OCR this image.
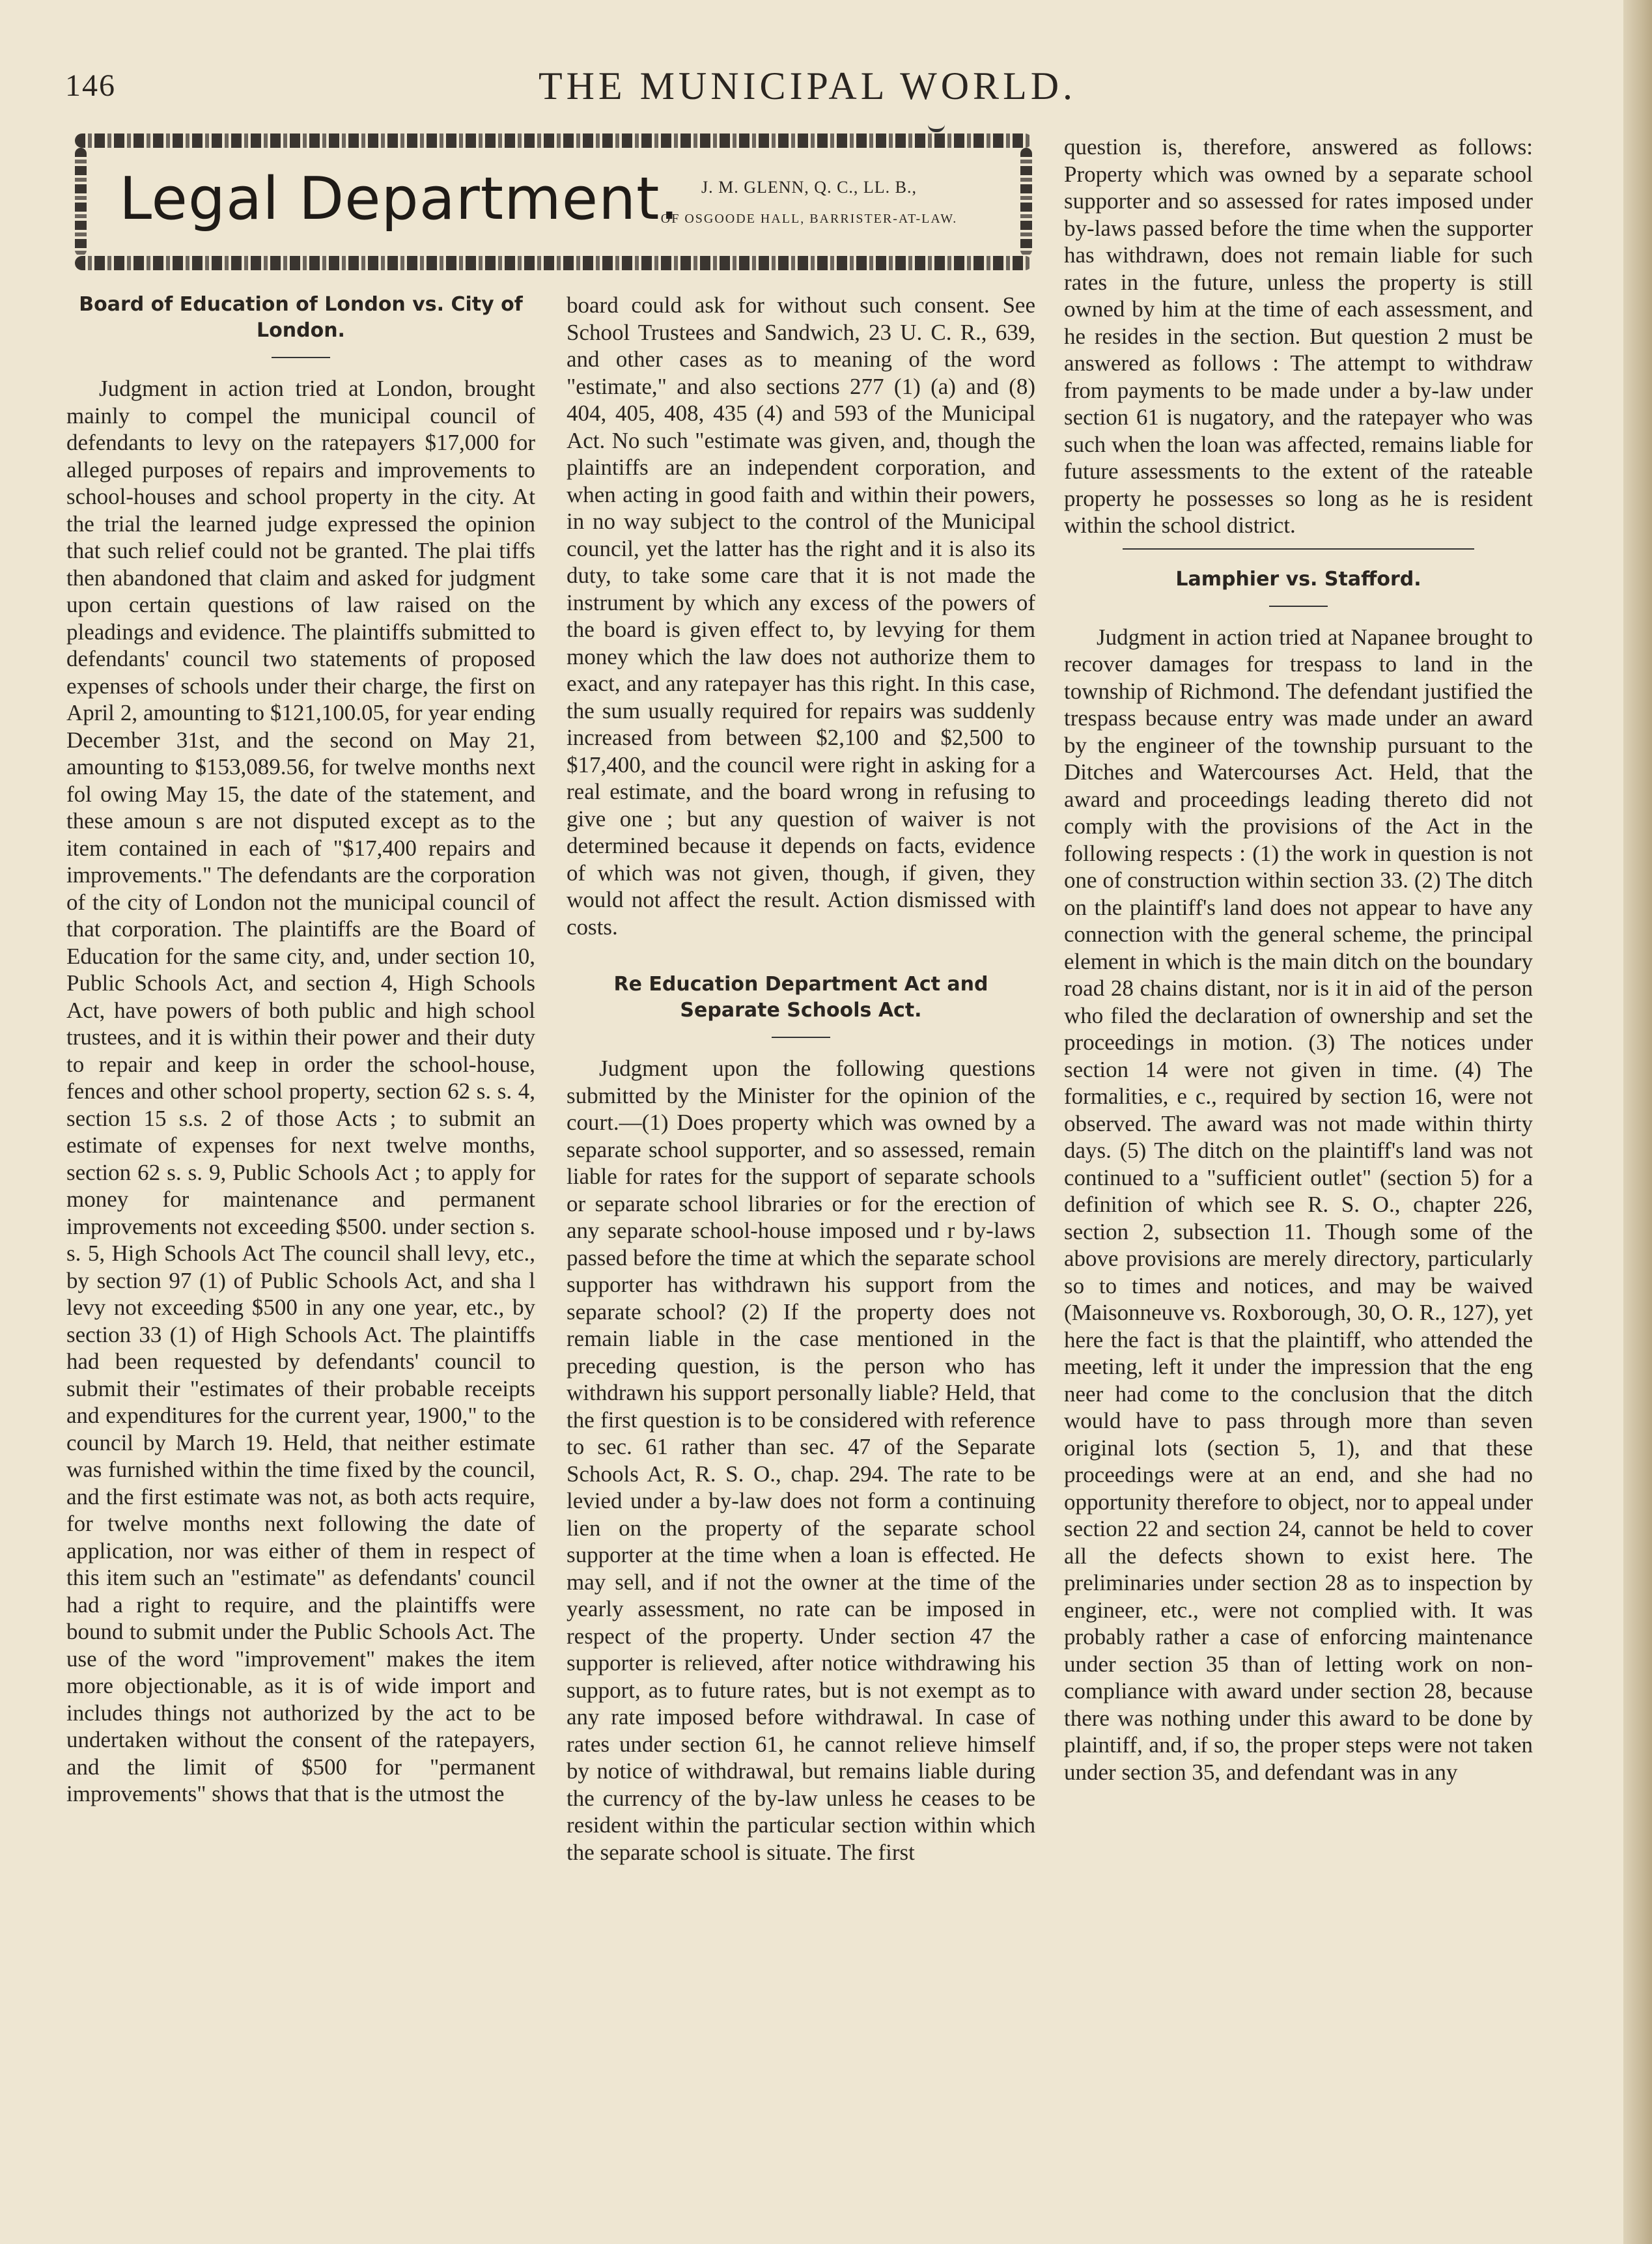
146	THE MUNICIPAL WORLD.
Legal Department.	J. M. GLENN, Q. C., LL. B.,
OF OSGOODE HALL, BARRISTER-AT-LAW.
Board of Education of London vs. City of London.

Judgment in action tried at London, brought mainly to compel the municipal council of defendants to levy on the ratepayers $17,000 for alleged purposes of repairs and improvements to school-houses and school property in the city. At the trial the learned judge expressed the opinion that such relief could not be granted. The plai tiffs then abandoned that claim and asked for judgment upon certain questions of law raised on the pleadings and evidence. The plaintiffs submitted to defendants' council two statements of proposed expenses of schools under their charge, the first on April 2, amounting to $121,100.05, for year ending December 31st, and the second on May 21, amounting to $153,089.56, for twelve months next fol owing May 15, the date of the statement, and these amoun s are not disputed except as to the item contained in each of "$17,400 repairs and improvements." The defendants are the corporation of the city of London not the municipal council of that corporation. The plaintiffs are the Board of Education for the same city, and, under section 10, Public Schools Act, and section 4, High Schools Act, have powers of both public and high school trustees, and it is within their power and their duty to repair and keep in order the school-house, fences and other school property, section 62 s. s. 4, section 15 s.s. 2 of those Acts ; to submit an estimate of expenses for next twelve months, section 62 s. s. 9, Public Schools Act ; to apply for money for maintenance and permanent improvements not exceeding $500. under section s. s. 5, High Schools Act The council shall levy, etc., by section 97 (1) of Public Schools Act, and sha l levy not exceeding $500 in any one year, etc., by section 33 (1) of High Schools Act. The plaintiffs had been requested by defendants' council to submit their "estimates of their probable receipts and expenditures for the current year, 1900," to the council by March 19. Held, that neither estimate was furnished within the time fixed by the council, and the first estimate was not, as both acts require, for twelve months next following the date of application, nor was either of them in respect of this item such an "estimate" as defendants' council had a right to require, and the plaintiffs were bound to submit under the Public Schools Act. The use of the word "improvement" makes the item more objectionable, as it is of wide import and includes things not authorized by the act to be undertaken without the consent of the ratepayers, and the limit of $500 for "permanent improvements" shows that that is the utmost the

board could ask for without such consent. See School Trustees and Sandwich, 23 U. C. R., 639, and other cases as to meaning of the word "estimate," and also sections 277 (1) (a) and (8) 404, 405, 408, 435 (4) and 593 of the Municipal Act. No such "estimate was given, and, though the plaintiffs are an independent corporation, and when acting in good faith and within their powers, in no way subject to the control of the Municipal council, yet the latter has the right and it is also its duty, to take some care that it is not made the instrument by which any excess of the powers of the board is given effect to, by levying for them money which the law does not authorize them to exact, and any ratepayer has this right. In this case, the sum usually required for repairs was suddenly increased from between $2,100 and $2,500 to $17,400, and the council were right in asking for a real estimate, and the board wrong in refusing to give one ; but any question of waiver is not determined because it depends on facts, evidence of which was not given, though, if given, they would not affect the result. Action dismissed with costs.

Re Education Department Act and Separate Schools Act.

Judgment upon the following questions submitted by the Minister for the opinion of the court.—(1) Does property which was owned by a separate school supporter, and so assessed, remain liable for rates for the support of separate schools or separate school libraries or for the erection of any separate school-house imposed und r by-laws passed before the time at which the separate school supporter has withdrawn his support from the separate school? (2) If the property does not remain liable in the case mentioned in the preceding question, is the person who has withdrawn his support personally liable? Held, that the first question is to be considered with reference to sec. 61 rather than sec. 47 of the Separate Schools Act, R. S. O., chap. 294. The rate to be levied under a by-law does not form a continuing lien on the property of the separate school supporter at the time when a loan is effected. He may sell, and if not the owner at the time of the yearly assessment, no rate can be imposed in respect of the property. Under section 47 the supporter is relieved, after notice withdrawing his support, as to future rates, but is not exempt as to any rate imposed before withdrawal. In case of rates under section 61, he cannot relieve himself by notice of withdrawal, but remains liable during the currency of the by-law unless he ceases to be resident within the particular section within which the separate school is situate. The first

question is, therefore, answered as follows: Property which was owned by a separate school supporter and so assessed for rates imposed under by-laws passed before the time when the supporter has withdrawn, does not remain liable for such rates in the future, unless the property is still owned by him at the time of each assessment, and he resides in the section. But question 2 must be answered as follows : The attempt to withdraw from payments to be made under a by-law under section 61 is nugatory, and the ratepayer who was such when the loan was affected, remains liable for future assessments to the extent of the rateable property he possesses so long as he is resident within the school district.

Lamphier vs. Stafford.

Judgment in action tried at Napanee brought to recover damages for trespass to land in the township of Richmond. The defendant justified the trespass because entry was made under an award by the engineer of the township pursuant to the Ditches and Watercourses Act. Held, that the award and proceedings leading thereto did not comply with the provisions of the Act in the following respects : (1) the work in question is not one of construction within section 33. (2) The ditch on the plaintiff's land does not appear to have any connection with the general scheme, the principal element in which is the main ditch on the boundary road 28 chains distant, nor is it in aid of the person who filed the declaration of ownership and set the proceedings in motion. (3) The notices under section 14 were not given in time. (4) The formalities, e c., required by section 16, were not observed. The award was not made within thirty days. (5) The ditch on the plaintiff's land was not continued to a "sufficient outlet" (section 5) for a definition of which see R. S. O., chapter 226, section 2, subsection 11. Though some of the above provisions are merely directory, particularly so to times and notices, and may be waived (Maisonneuve vs. Roxborough, 30, O. R., 127), yet here the fact is that the plaintiff, who attended the meeting, left it under the impression that the eng neer had come to the conclusion that the ditch would have to pass through more than seven original lots (section 5, 1), and that these proceedings were at an end, and she had no opportunity therefore to object, nor to appeal under section 22 and section 24, cannot be held to cover all the defects shown to exist here. The preliminaries under section 28 as to inspection by engineer, etc., were not complied with. It was probably rather a case of enforcing maintenance under section 35 than of letting work on non-compliance with award under section 28, because there was nothing under this award to be done by plaintiff, and, if so, the proper steps were not taken under section 35, and defendant was in any
